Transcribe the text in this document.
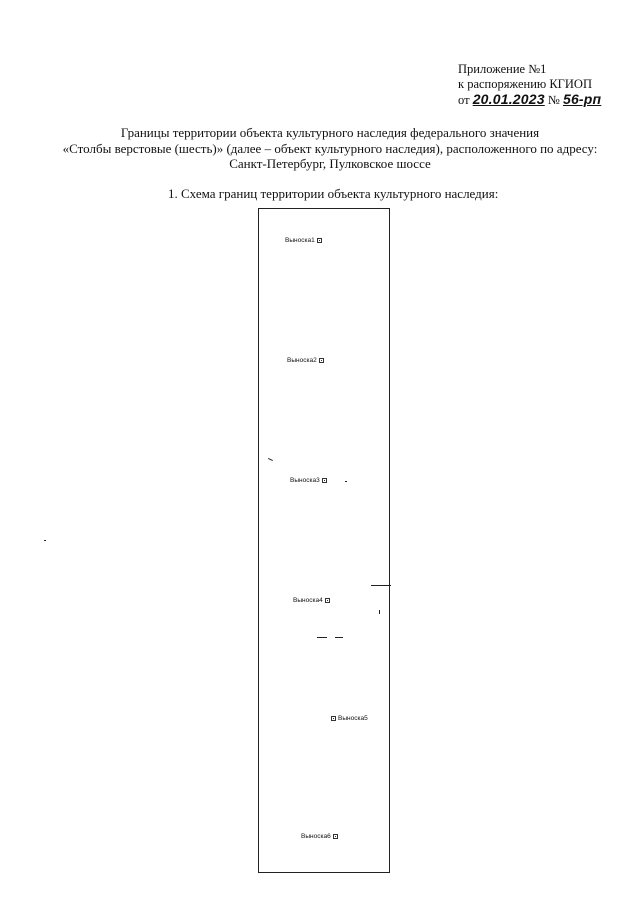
Приложение №1
к распоряжению КГИОП
от 20.01.2023 № 56-рп
Границы территории объекта культурного наследия федерального значения
«Столбы верстовые (шесть)» (далее – объект культурного наследия), расположенного по адресу:
Санкт-Петербург, Пулковское шоссе
1. Схема границ территории объекта культурного наследия:
Выноска1
Выноска2
Выноска3
Выноска4
Выноска5
Выноска6
